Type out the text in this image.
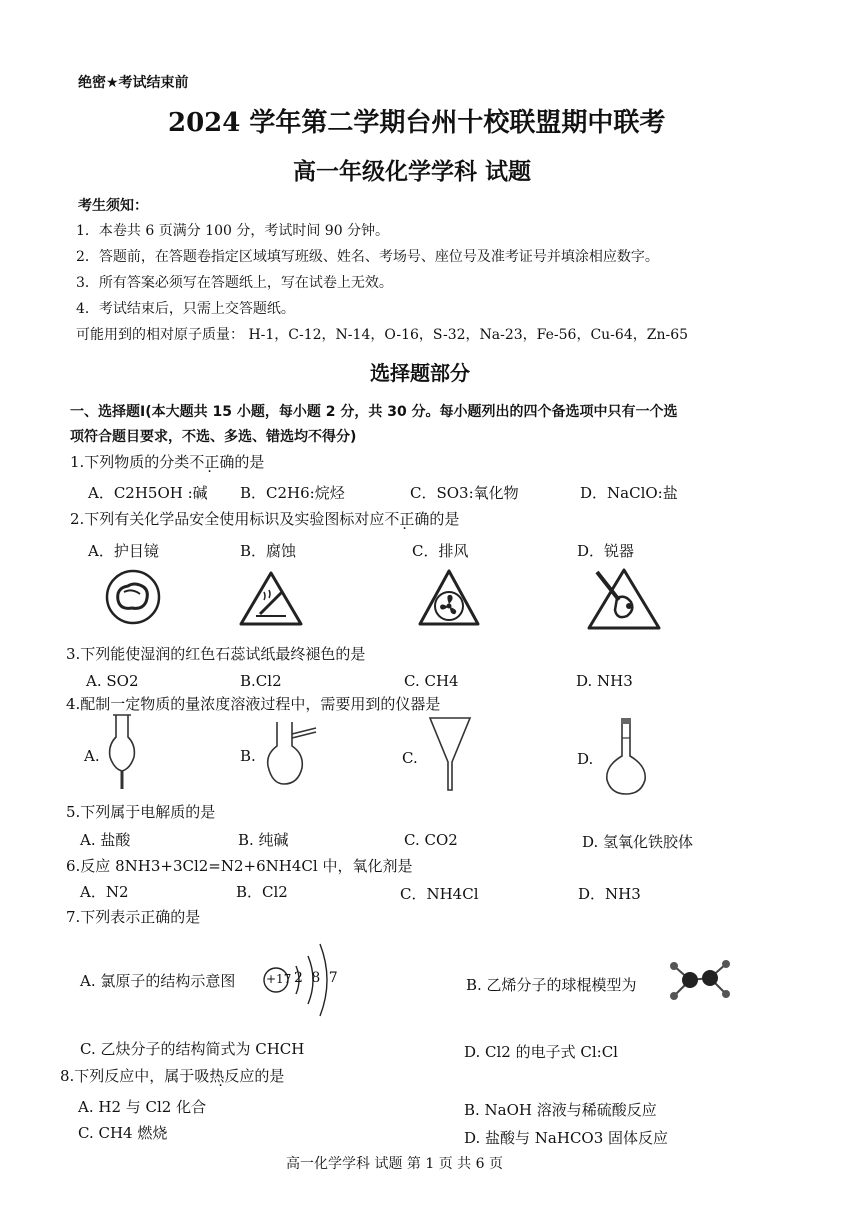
绝密★考试结束前
2024 学年第二学期台州十校联盟期中联考
高一年级化学学科 试题
考生须知：
1．本卷共 6 页满分 100 分，考试时间 90 分钟。
2．答题前，在答题卷指定区域填写班级、姓名、考场号、座位号及准考证号并填涂相应数字。
3．所有答案必须写在答题纸上，写在试卷上无效。
4．考试结束后，只需上交答题纸。
可能用到的相对原子质量： H-1，C-12，N-14，O-16，S-32，Na-23，Fe-56，Cu-64，Zn-65
选择题部分
一、选择题I(本大题共 15 小题，每小题 2 分，共 30 分。每小题列出的四个备选项中只有一个选
项符合题目要求，不选、多选、错选均不得分)
1.下列物质的分类不正确的是
A．C2H5OH :碱 B．C2H6:烷烃	C．SO3:氧化物	D．NaClO:盐
2.下列有关化学品安全使用标识及实验图标对应不正确的是
A．护目镜	B．腐蚀	C．排风	D．锐器
3.下列能使湿润的红色石蕊试纸最终褪色的是
A. SO2	B.Cl2	C. CH4	D. NH3
4.配制一定物质的量浓度溶液过程中，需要用到的仪器是
A.	B.	C.	D.
5.下列属于电解质的是
A. 盐酸	B. 纯碱	C. CO2	D. 氢氧化铁胶体
6.反应 8NH3+3Cl2=N2+6NH4Cl 中，氧化剂是
A．N2	B．Cl2	C．NH4Cl	D．NH3
7.下列表示正确的是
A. 氯原子的结构示意图	+17 2 8 7	B. 乙烯分子的球棍模型为
C. 乙炔分子的结构简式为 CHCH	D. Cl2 的电子式 Cl:Cl
8.下列反应中，属于吸热反应的是
A. H2 与 Cl2 化合	B. NaOH 溶液与稀硫酸反应
C. CH4 燃烧	D. 盐酸与 NaHCO3 固体反应
高一化学学科 试题 第 1 页 共 6 页
